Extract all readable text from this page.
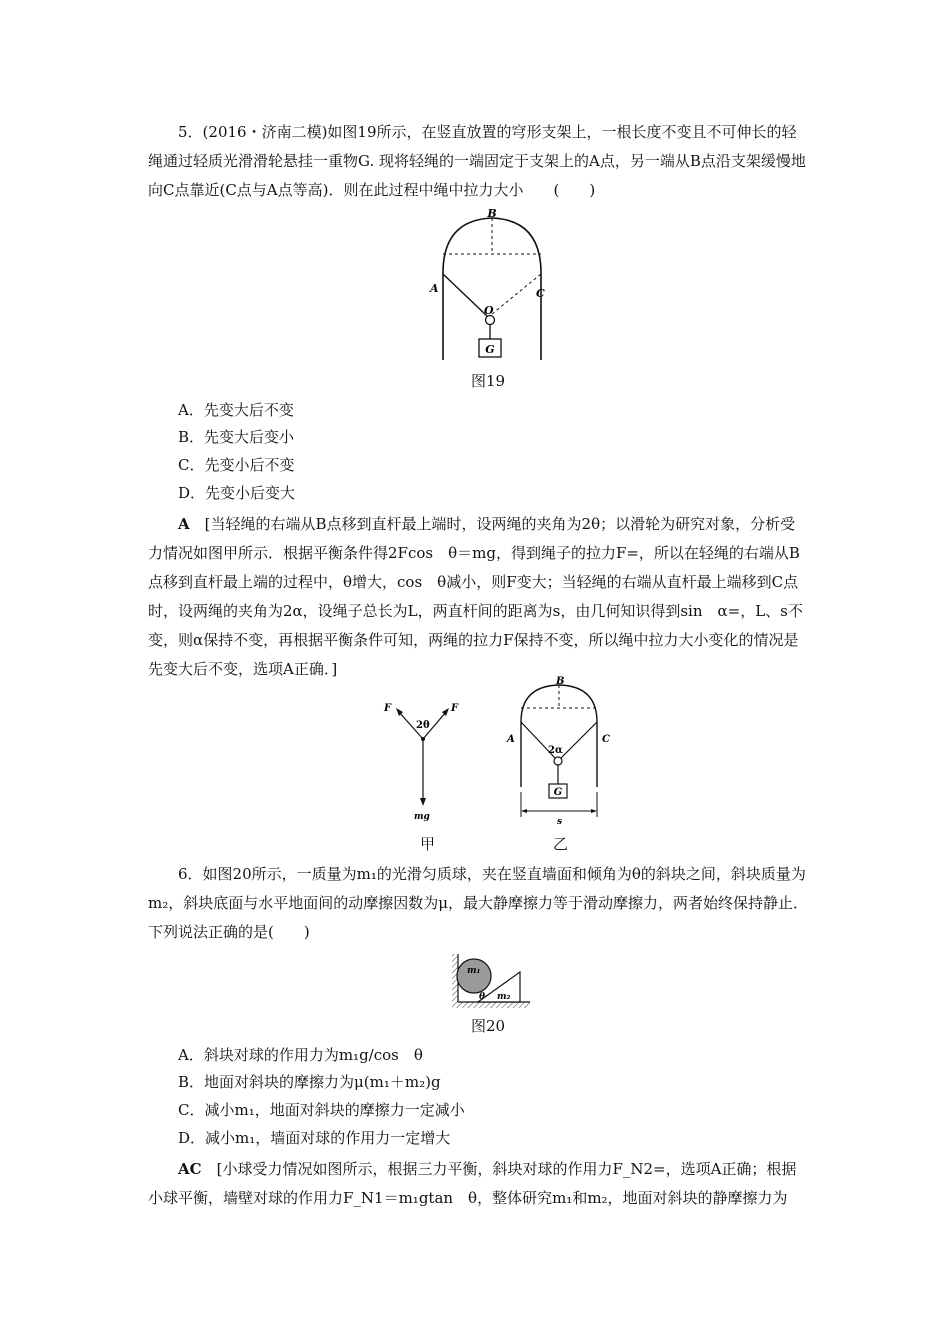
5．(2016・济南二模)如图19所示，在竖直放置的穹形支架上，一根长度不变且不可伸长的轻绳通过轻质光滑滑轮悬挂一重物G. 现将轻绳的一端固定于支架上的A点，另一端从B点沿支架缓慢地向C点靠近(C点与A点等高)．则在此过程中绳中拉力大小　　(　　)

G
B
A
O
C

图19

A．先变大后不变

B．先变大后变小

C．先变小后不变

D．先变小后变大

A　 [当轻绳的右端从B点移到直杆最上端时，设两绳的夹角为2θ；以滑轮为研究对象，分析受力情况如图甲所示．根据平衡条件得2Fcos　θ＝mg，得到绳子的拉力F=，所以在轻绳的右端从B点移到直杆最上端的过程中，θ增大，cos　θ减小，则F变大；当轻绳的右端从直杆最上端移到C点时，设两绳的夹角为2α，设绳子总长为L，两直杆间的距离为s，由几何知识得到sin　α=，L、s不变，则α保持不变，再根据平衡条件可知，两绳的拉力F保持不变，所以绳中拉力大小变化的情况是先变大后不变，选项A正确．]

F	F
2θ
mg

甲

G
s
B
A	C
2α

乙

6．如图20所示，一质量为m₁的光滑匀质球，夹在竖直墙面和倾角为θ的斜块之间，斜块质量为m₂，斜块底面与水平地面间的动摩擦因数为μ，最大静摩擦力等于滑动摩擦力，两者始终保持静止．下列说法正确的是(　　)

m₁
θ m₂

图20

A．斜块对球的作用力为m₁g/cos　θ

B．地面对斜块的摩擦力为μ(m₁＋m₂)g

C．减小m₁，地面对斜块的摩擦力一定减小

D．减小m₁，墙面对球的作用力一定增大

AC　 [小球受力情况如图所示，根据三力平衡，斜块对球的作用力F_N2=，选项A正确；根据小球平衡，墙壁对球的作用力F_N1＝m₁gtan　θ，整体研究m₁和m₂，地面对斜块的静摩擦力为
